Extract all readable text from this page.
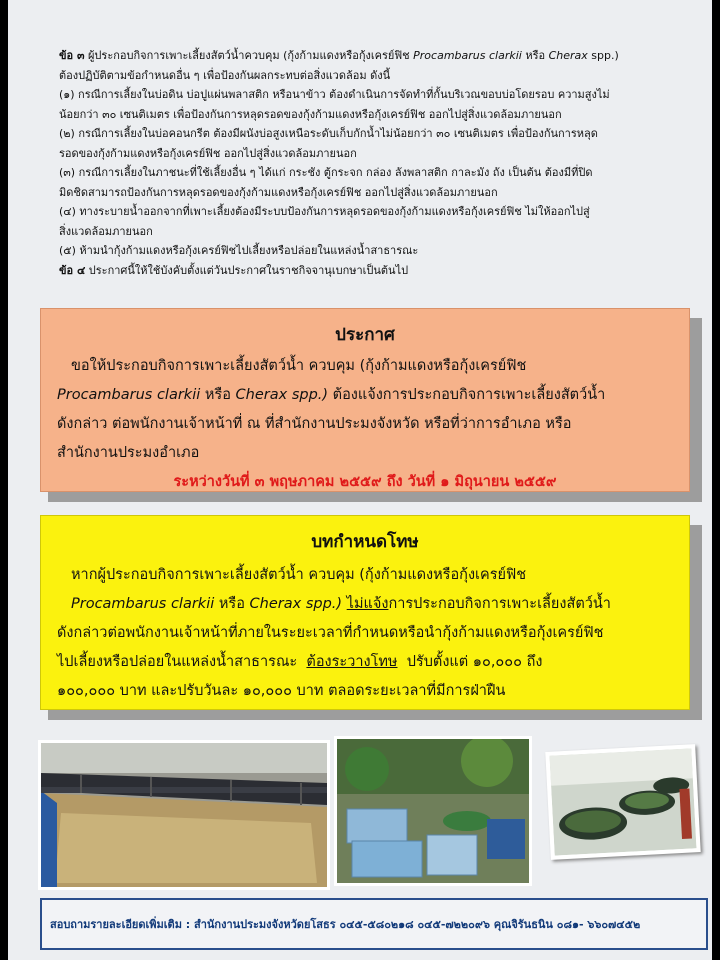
ข้อ ๓ ผู้ประกอบกิจการเพาะเลี้ยงสัตว์น้ำควบคุม (กุ้งก้ามแดงหรือกุ้งเครย์ฟิช Procambarus clarkii หรือ Cherax spp.)

ต้องปฏิบัติตามข้อกำหนดอื่น ๆ เพื่อป้องกันผลกระทบต่อสิ่งแวดล้อม ดังนี้

(๑) กรณีการเลี้ยงในบ่อดิน บ่อปูแผ่นพลาสติก หรือนาข้าว ต้องดำเนินการจัดทำที่กั้นบริเวณขอบบ่อโดยรอบ ความสูงไม่

น้อยกว่า ๓๐ เซนติเมตร เพื่อป้องกันการหลุดรอดของกุ้งก้ามแดงหรือกุ้งเครย์ฟิช ออกไปสู่สิ่งแวดล้อมภายนอก

(๒) กรณีการเลี้ยงในบ่อคอนกรีต ต้องมีผนังบ่อสูงเหนือระดับเก็บกักน้ำไม่น้อยกว่า ๓๐ เซนติเมตร เพื่อป้องกันการหลุด

รอดของกุ้งก้ามแดงหรือกุ้งเครย์ฟิช ออกไปสู่สิ่งแวดล้อมภายนอก

(๓) กรณีการเลี้ยงในภาชนะที่ใช้เลี้ยงอื่น ๆ ได้แก่ กระชัง ตู้กระจก กล่อง ลังพลาสติก กาละมัง ถัง เป็นต้น ต้องมีที่ปิด

มิดชิดสามารถป้องกันการหลุดรอดของกุ้งก้ามแดงหรือกุ้งเครย์ฟิช ออกไปสู่สิ่งแวดล้อมภายนอก

(๔) ทางระบายน้ำออกจากที่เพาะเลี้ยงต้องมีระบบป้องกันการหลุดรอดของกุ้งก้ามแดงหรือกุ้งเครย์ฟิช ไม่ให้ออกไปสู่

สิ่งแวดล้อมภายนอก

(๕) ห้ามนำกุ้งก้ามแดงหรือกุ้งเครย์ฟิชไปเลี้ยงหรือปล่อยในแหล่งน้ำสาธารณะ

ข้อ ๔ ประกาศนี้ให้ใช้บังคับตั้งแต่วันประกาศในราชกิจจานุเบกษาเป็นต้นไป

ประกาศ

ขอให้ประกอบกิจการเพาะเลี้ยงสัตว์น้ำ ควบคุม (กุ้งก้ามแดงหรือกุ้งเครย์ฟิช

Procambarus clarkii หรือ Cherax spp.) ต้องแจ้งการประกอบกิจการเพาะเลี้ยงสัตว์น้ำ

ดังกล่าว ต่อพนักงานเจ้าหน้าที่ ณ ที่สำนักงานประมงจังหวัด หรือที่ว่าการอำเภอ หรือ

สำนักงานประมงอำเภอ

ระหว่างวันที่ ๓ พฤษภาคม ๒๕๕๙ ถึง วันที่ ๑ มิถุนายน ๒๕๕๙

บทกำหนดโทษ

หากผู้ประกอบกิจการเพาะเลี้ยงสัตว์น้ำ ควบคุม (กุ้งก้ามแดงหรือกุ้งเครย์ฟิช

Procambarus clarkii หรือ Cherax spp.) ไม่แจ้งการประกอบกิจการเพาะเลี้ยงสัตว์น้ำ

ดังกล่าวต่อพนักงานเจ้าหน้าที่ภายในระยะเวลาที่กำหนดหรือนำกุ้งก้ามแดงหรือกุ้งเครย์ฟิช

ไปเลี้ยงหรือปล่อยในแหล่งน้ำสาธารณะ ต้องระวางโทษ ปรับตั้งแต่ ๑๐,๐๐๐ ถึง

๑๐๐,๐๐๐ บาท และปรับวันละ ๑๐,๐๐๐ บาท ตลอดระยะเวลาที่มีการฝ่าฝืน

สอบถามรายละเอียดเพิ่มเติม : สำนักงานประมงจังหวัดยโสธร ๐๔๕-๕๘๐๒๑๘ ๐๔๕-๗๒๒๐๙๖ คุณจิรันธนิน ๐๘๑- ๖๖๐๗๔๕๒
